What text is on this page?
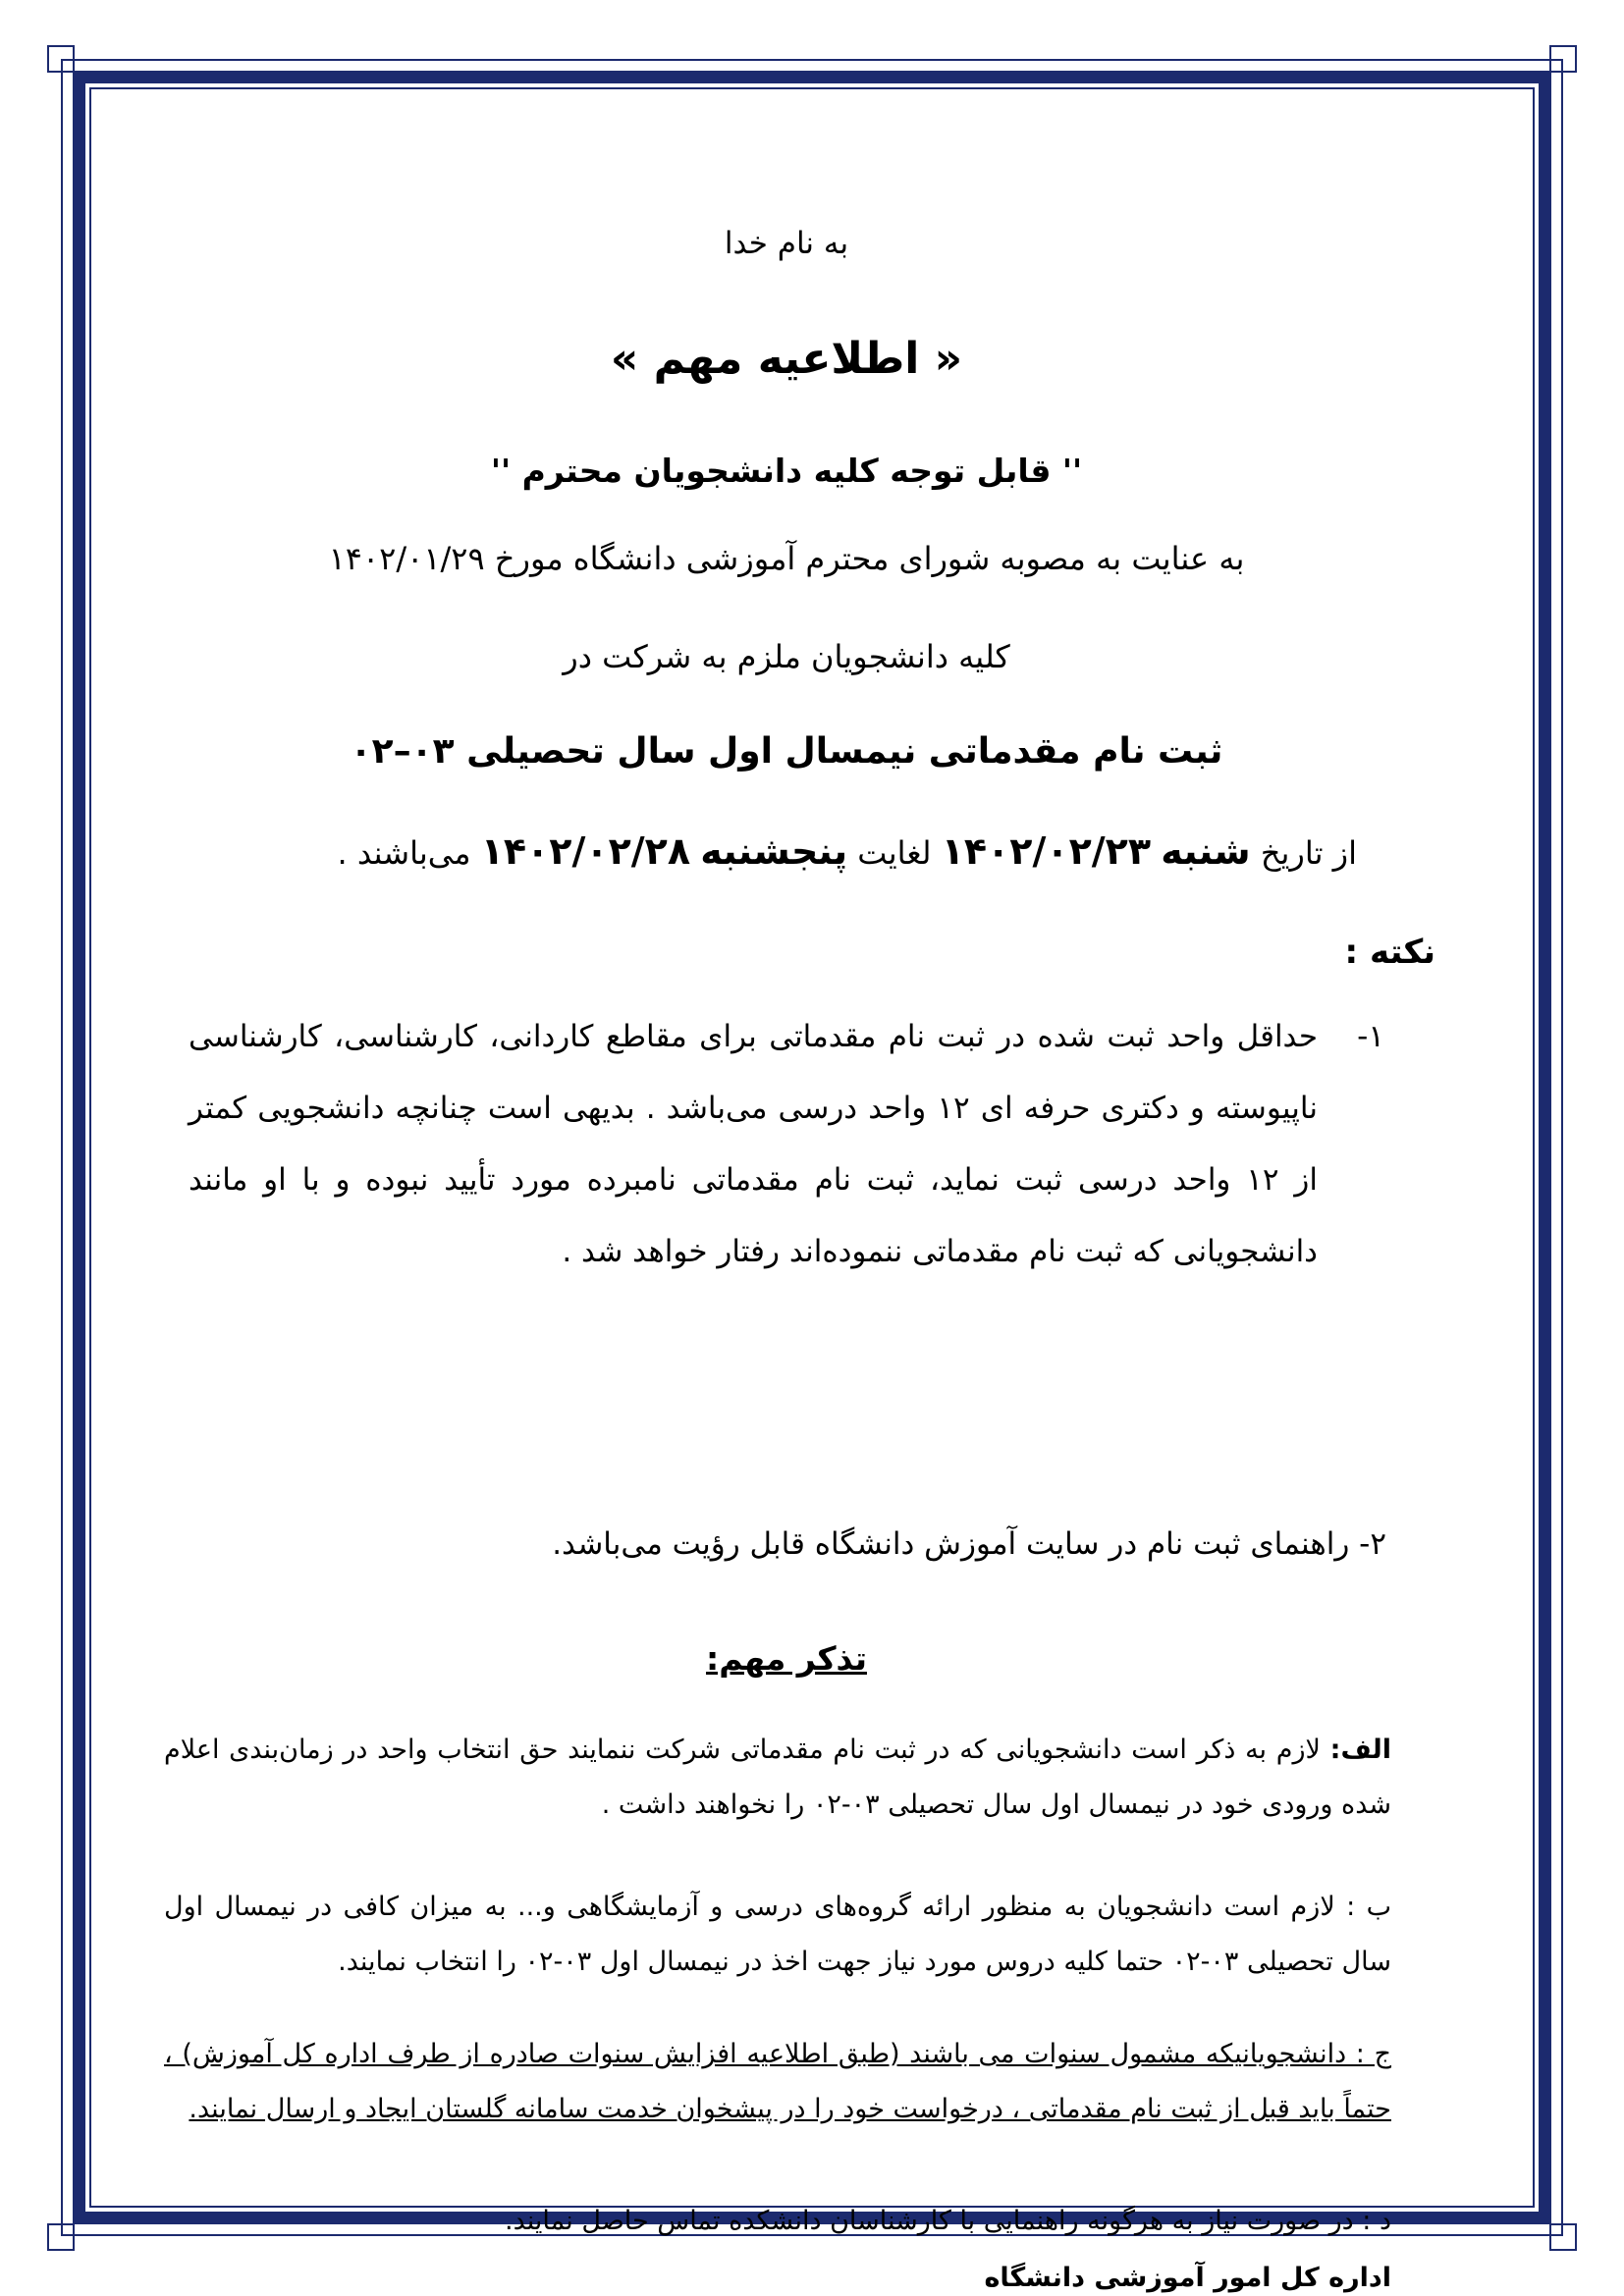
به نام خدا
« اطلاعیه مهم »
'' قابل توجه کلیه دانشجویان محترم ''
به عنایت به مصوبه شورای محترم آموزشی دانشگاه مورخ ۱۴۰۲/۰۱/۲۹
کلیه دانشجویان ملزم به شرکت در
ثبت نام مقدماتی نیمسال اول سال تحصیلی ۰۳–۰۲
از تاریخ شنبه ۱۴۰۲/۰۲/۲۳ لغایت پنجشنبه ۱۴۰۲/۰۲/۲۸ می‌باشند .
نکته :
۱-
حداقل واحد ثبت شده در ثبت نام مقدماتی برای مقاطع کاردانی، کارشناسی، کارشناسی ناپیوسته و دکتری حرفه ای ۱۲ واحد درسی می‌باشد . بدیهی است چنانچه دانشجویی کمتر از ۱۲ واحد درسی ثبت نماید، ثبت نام مقدماتی نامبرده مورد تأیید نبوده و با او مانند دانشجویانی که ثبت نام مقدماتی ننموده‌اند رفتار خواهد شد .
۲- راهنمای ثبت نام در سایت آموزش دانشگاه قابل رؤیت می‌باشد.
تذکر مهم:
الف: لازم به ذکر است دانشجویانی که در ثبت نام مقدماتی شرکت ننمایند حق انتخاب واحد در زمان‌بندی اعلام شده ورودی خود در نیمسال اول سال تحصیلی ۰۳-۰۲ را نخواهند داشت .
ب : لازم است دانشجویان به منظور ارائه گروه‌های درسی و آزمایشگاهی و... به میزان کافی در نیمسال اول سال تحصیلی ۰۳-۰۲ حتما کلیه دروس مورد نیاز جهت اخذ در نیمسال اول ۰۳-۰۲ را انتخاب نمایند.
ج : دانشجویانیکه مشمول سنوات می باشند (طبق اطلاعیه افزایش سنوات صادره از طرف اداره کل آموزش) ، حتماً باید قبل از ثبت نام مقدماتی ، درخواست خود را در پیشخوان خدمت سامانه گلستان ایجاد و ارسال نمایند.
د : در صورت نیاز به هرگونه راهنمایی با کارشناسان دانشکده تماس حاصل نمایند.
اداره کل امور آموزشی دانشگاه
